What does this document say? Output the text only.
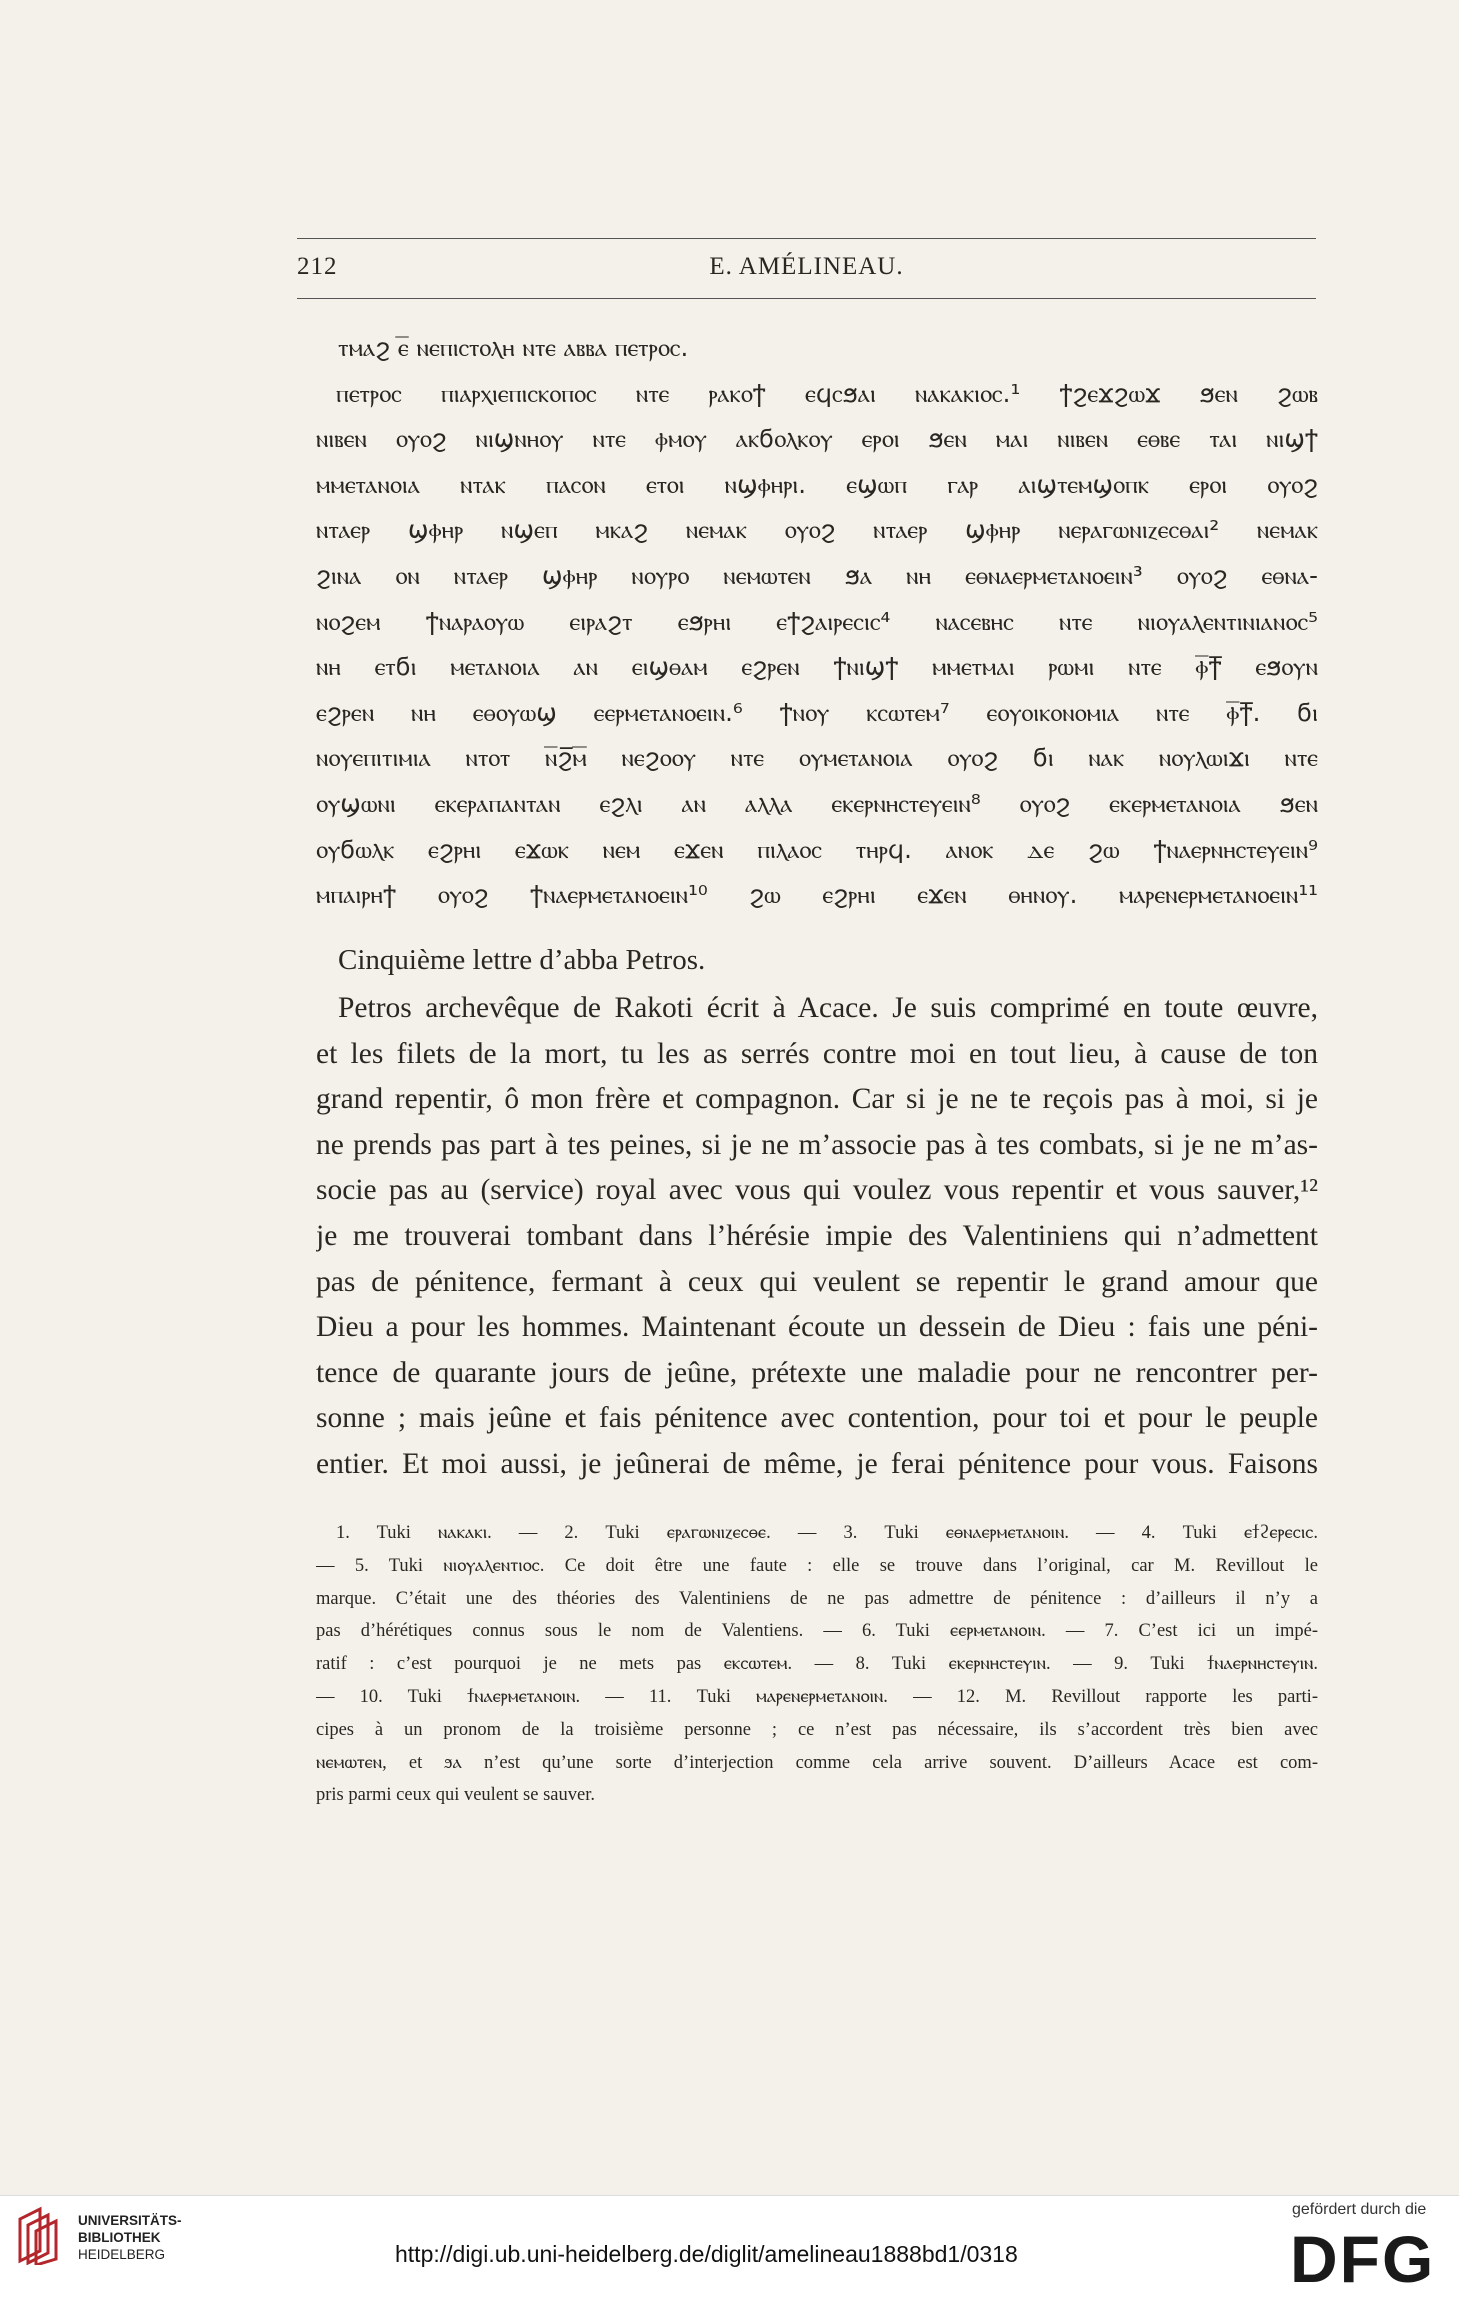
212	E. AMÉLINEAU.
ⲧⲙⲁϩ ⲉ̅ ⲛⲉⲡⲓⲥⲧⲟⲗⲏ ⲛⲧⲉ ⲁⲃⲃⲁ ⲡⲉⲧⲣⲟⲥ.
ⲡⲉⲧⲣⲟⲥ ⲡⲓⲁⲣⲭⲓⲉⲡⲓⲥⲕⲟⲡⲟⲥ ⲛⲧⲉ ⲣⲁⲕⲟϯ ⲉϥⲥϧⲁⲓ ⲛⲁⲕⲁⲕⲓⲟⲥ.¹ ϯϩⲉϫϩⲱϫ ϧⲉⲛ ϩⲱⲃ
ⲛⲓⲃⲉⲛ ⲟⲩⲟϩ ⲛⲓϣⲛⲏⲟⲩ ⲛⲧⲉ ⲫⲙⲟⲩ ⲁⲕϭⲟⲗⲕⲟⲩ ⲉⲣⲟⲓ ϧⲉⲛ ⲙⲁⲓ ⲛⲓⲃⲉⲛ ⲉⲑⲃⲉ ⲧⲁⲓ ⲛⲓϣϯ
ⲙⲙⲉⲧⲁⲛⲟⲓⲁ ⲛⲧⲁⲕ ⲡⲁⲥⲟⲛ ⲉⲧⲟⲓ ⲛϣⲫⲏⲣⲓ. ⲉϣⲱⲡ ⲅⲁⲣ ⲁⲓϣⲧⲉⲙϣⲟⲡⲕ ⲉⲣⲟⲓ ⲟⲩⲟϩ
ⲛⲧⲁⲉⲣ ϣⲫⲏⲣ ⲛϣⲉⲡ ⲙⲕⲁϩ ⲛⲉⲙⲁⲕ ⲟⲩⲟϩ ⲛⲧⲁⲉⲣ ϣⲫⲏⲣ ⲛⲉⲣⲁⲅⲱⲛⲓⲍⲉⲥⲑⲁⲓ² ⲛⲉⲙⲁⲕ
ϩⲓⲛⲁ ⲟⲛ ⲛⲧⲁⲉⲣ ϣⲫⲏⲣ ⲛⲟⲩⲣⲟ ⲛⲉⲙⲱⲧⲉⲛ ϧⲁ ⲛⲏ ⲉⲑⲛⲁⲉⲣⲙⲉⲧⲁⲛⲟⲉⲓⲛ³ ⲟⲩⲟϩ ⲉⲑⲛⲁ-
ⲛⲟϩⲉⲙ ϯⲛⲁⲣⲁⲟⲩⲱ ⲉⲓⲣⲁϩⲧ ⲉϧⲣⲏⲓ ⲉϯϩⲁⲓⲣⲉⲥⲓⲥ⁴ ⲛⲁⲥⲉⲃⲏⲥ ⲛⲧⲉ ⲛⲓⲟⲩⲁⲗⲉⲛⲧⲓⲛⲓⲁⲛⲟⲥ⁵
ⲛⲏ ⲉⲧϭⲓ ⲙⲉⲧⲁⲛⲟⲓⲁ ⲁⲛ ⲉⲓϣⲑⲁⲙ ⲉϩⲣⲉⲛ ϯⲛⲓϣϯ ⲙⲙⲉⲧⲙⲁⲓ ⲣⲱⲙⲓ ⲛⲧⲉ ⲫ̅ϯ̅ ⲉϧⲟⲩⲛ
ⲉϩⲣⲉⲛ ⲛⲏ ⲉⲑⲟⲩⲱϣ ⲉⲉⲣⲙⲉⲧⲁⲛⲟⲉⲓⲛ.⁶ ϯⲛⲟⲩ ⲕⲥⲱⲧⲉⲙ⁷ ⲉⲟⲩⲟⲓⲕⲟⲛⲟⲙⲓⲁ ⲛⲧⲉ ⲫ̅ϯ̅. ϭⲓ
ⲛⲟⲩⲉⲡⲓⲧⲓⲙⲓⲁ ⲛⲧⲟⲧ ⲛ̅ϩ̅ⲙ̅ ⲛⲉϩⲟⲟⲩ ⲛⲧⲉ ⲟⲩⲙⲉⲧⲁⲛⲟⲓⲁ ⲟⲩⲟϩ ϭⲓ ⲛⲁⲕ ⲛⲟⲩⲗⲱⲓϫⲓ ⲛⲧⲉ
ⲟⲩϣⲱⲛⲓ ⲉⲕⲉⲣⲁⲡⲁⲛⲧⲁⲛ ⲉϩⲗⲓ ⲁⲛ ⲁⲗⲗⲁ ⲉⲕⲉⲣⲛⲏⲥⲧⲉⲩⲉⲓⲛ⁸ ⲟⲩⲟϩ ⲉⲕⲉⲣⲙⲉⲧⲁⲛⲟⲓⲁ ϧⲉⲛ
ⲟⲩϭⲱⲗⲕ ⲉϩⲣⲏⲓ ⲉϫⲱⲕ ⲛⲉⲙ ⲉϫⲉⲛ ⲡⲓⲗⲁⲟⲥ ⲧⲏⲣϥ. ⲁⲛⲟⲕ ⲇⲉ ϩⲱ ϯⲛⲁⲉⲣⲛⲏⲥⲧⲉⲩⲉⲓⲛ⁹
ⲙⲡⲁⲓⲣⲏϯ ⲟⲩⲟϩ ϯⲛⲁⲉⲣⲙⲉⲧⲁⲛⲟⲉⲓⲛ¹⁰ ϩⲱ ⲉϩⲣⲏⲓ ⲉϫⲉⲛ ⲑⲏⲛⲟⲩ. ⲙⲁⲣⲉⲛⲉⲣⲙⲉⲧⲁⲛⲟⲉⲓⲛ¹¹
Cinquième lettre d’abba Petros.
Petros archevêque de Rakoti écrit à Acace. Je suis comprimé en toute œuvre,
et les filets de la mort, tu les as serrés contre moi en tout lieu, à cause de ton
grand repentir, ô mon frère et compagnon. Car si je ne te reçois pas à moi, si je
ne prends pas part à tes peines, si je ne m’associe pas à tes combats, si je ne m’as-
socie pas au (service) royal avec vous qui voulez vous repentir et vous sauver,¹²
je me trouverai tombant dans l’hérésie impie des Valentiniens qui n’admettent
pas de pénitence, fermant à ceux qui veulent se repentir le grand amour que
Dieu a pour les hommes. Maintenant écoute un dessein de Dieu : fais une péni-
tence de quarante jours de jeûne, prétexte une maladie pour ne rencontrer per-
sonne ; mais jeûne et fais pénitence avec contention, pour toi et pour le peuple
entier. Et moi aussi, je jeûnerai de même, je ferai pénitence pour vous. Faisons
1. Tuki ⲛⲁⲕⲁⲕⲓ. — 2. Tuki ⲉⲣⲁⲅⲱⲛⲓⲍⲉⲥⲑⲉ. — 3. Tuki ⲉⲑⲛⲁⲉⲣⲙⲉⲧⲁⲛⲟⲓⲛ. — 4. Tuki ⲉϯϩⲉⲣⲉⲥⲓⲥ.
— 5. Tuki ⲛⲓⲟⲩⲁⲗⲉⲛⲧⲓⲟⲥ. Ce doit être une faute : elle se trouve dans l’original, car M. Revillout le
marque. C’était une des théories des Valentiniens de ne pas admettre de pénitence : d’ailleurs il n’y a
pas d’hérétiques connus sous le nom de Valentiens. — 6. Tuki ⲉⲉⲣⲙⲉⲧⲁⲛⲟⲓⲛ. — 7. C’est ici un impé-
ratif : c’est pourquoi je ne mets pas ⲉⲕⲥⲱⲧⲉⲙ. — 8. Tuki ⲉⲕⲉⲣⲛⲏⲥⲧⲉⲩⲓⲛ. — 9. Tuki ϯⲛⲁⲉⲣⲛⲏⲥⲧⲉⲩⲓⲛ.
— 10. Tuki ϯⲛⲁⲉⲣⲙⲉⲧⲁⲛⲟⲓⲛ. — 11. Tuki ⲙⲁⲣⲉⲛⲉⲣⲙⲉⲧⲁⲛⲟⲓⲛ. — 12. M. Revillout rapporte les parti-
cipes à un pronom de la troisième personne ; ce n’est pas nécessaire, ils s’accordent très bien avec
ⲛⲉⲙⲱⲧⲉⲛ, et ϧⲁ n’est qu’une sorte d’interjection comme cela arrive souvent. D’ailleurs Acace est com-
pris parmi ceux qui veulent se sauver.
UNIVERSITÄTS-
BIBLIOTHEK
HEIDELBERG	http://digi.ub.uni-heidelberg.de/diglit/amelineau1888bd1/0318
gefördert durch die
DFG
